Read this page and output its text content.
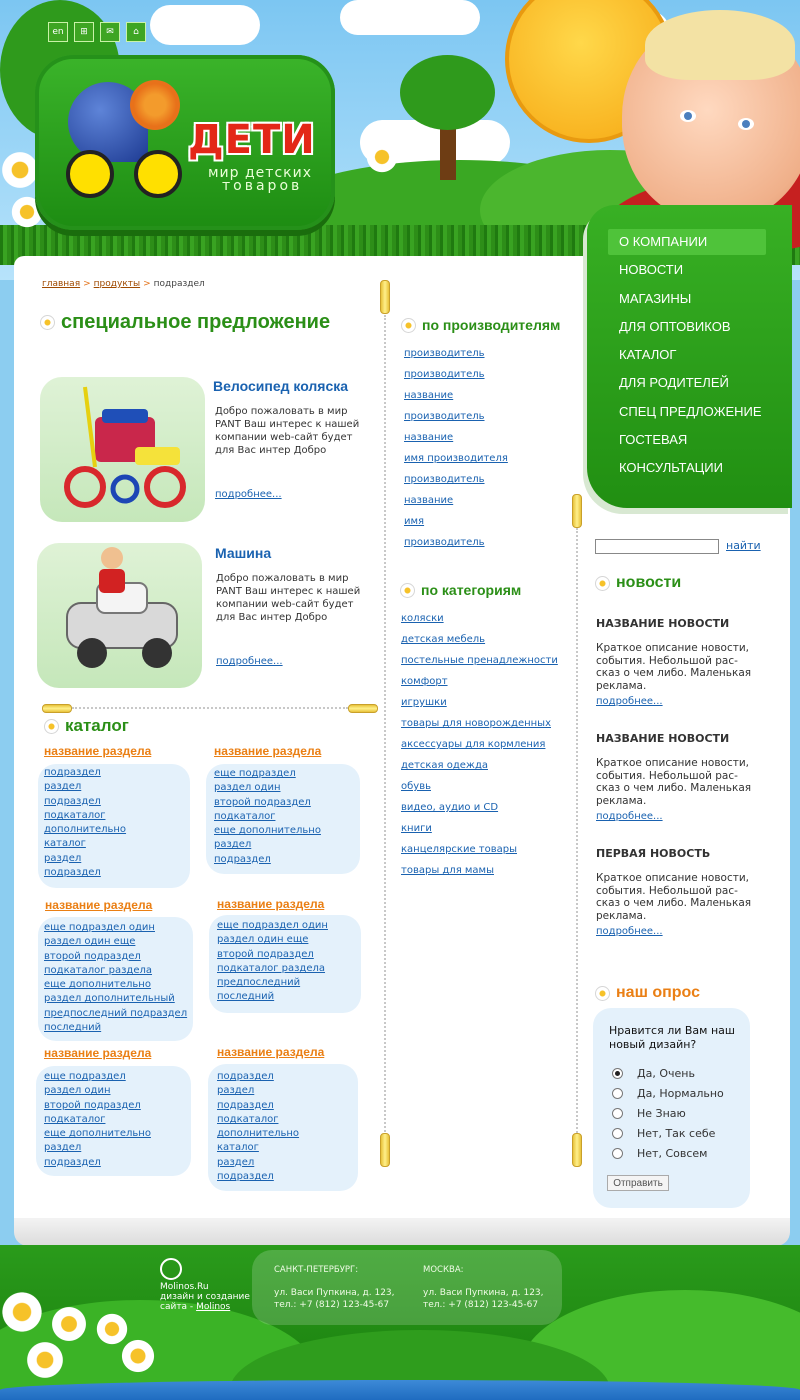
en	⊞	✉	⌂
ДЕТИ
мир детских
товаров
О КОМПАНИИ
НОВОСТИ
МАГАЗИНЫ
ДЛЯ ОПТОВИКОВ
КАТАЛОГ
ДЛЯ РОДИТЕЛЕЙ
СПЕЦ ПРЕДЛОЖЕНИЕ
ГОСТЕВАЯ
КОНСУЛЬТАЦИИ
главная > продукты > подраздел
специальное предложение
Велосипед коляска
Добро пожаловать в мир PANT Ваш интерес к нашей компании web-сайт будет для Вас интер Добро
подробнее...
Машина
Добро пожаловать в мир PANT Ваш интерес к нашей компании web-сайт будет для Вас интер Добро
подробнее...
каталог
название раздела
подраздел
раздел
подраздел
подкаталог
дополнительно
каталог
раздел
подраздел
название раздела
еще подраздел
раздел один
второй подраздел
подкаталог
еще дополнительно
раздел
подраздел
название раздела
еще подраздел один
раздел один еще
второй подраздел
подкаталог раздела
еще дополнительно
раздел дополнительный
предпоследний подраздел
последний
название раздела
еще подраздел один
раздел один еще
второй подраздел
подкаталог раздела
предпоследний
последний
название раздела
еще подраздел
раздел один
второй подраздел
подкаталог
еще дополнительно
раздел
подраздел
название раздела
подраздел
раздел
подраздел
подкаталог
дополнительно
каталог
раздел
подраздел
по производителям
производитель
производитель
название
производитель
название
имя производителя
производитель
название
имя
производитель
по категориям
коляски
детская мебель
постельные пренадлежности
комфорт
игрушки
товары для новорожденных
аксессуары для кормления
детская одежда
обувь
видео, аудио и CD
книги
канцелярские товары
товары для мамы
найти
новости
НАЗВАНИЕ НОВОСТИ
Краткое описание новости, события. Небольшой рас-сказ о чем либо. Маленькая реклама.
подробнее...
НАЗВАНИЕ НОВОСТИ
Краткое описание новости, события. Небольшой рас-сказ о чем либо. Маленькая реклама.
подробнее...
ПЕРВАЯ НОВОСТЬ
Краткое описание новости, события. Небольшой рас-сказ о чем либо. Маленькая реклама.
подробнее...
наш опрос
Нравится ли Вам наш новый дизайн?
Да, Очень
Да, Нормально
Не Знаю
Нет, Так себе
Нет, Совсем
Отправить
Molinos.Ru
дизайн и создание
сайта - Molinos
САНКТ-ПЕТЕРБУРГ:
ул. Васи Пупкина, д. 123,
тел.: +7 (812) 123-45-67
МОСКВА:
ул. Васи Пупкина, д. 123,
тел.: +7 (812) 123-45-67
